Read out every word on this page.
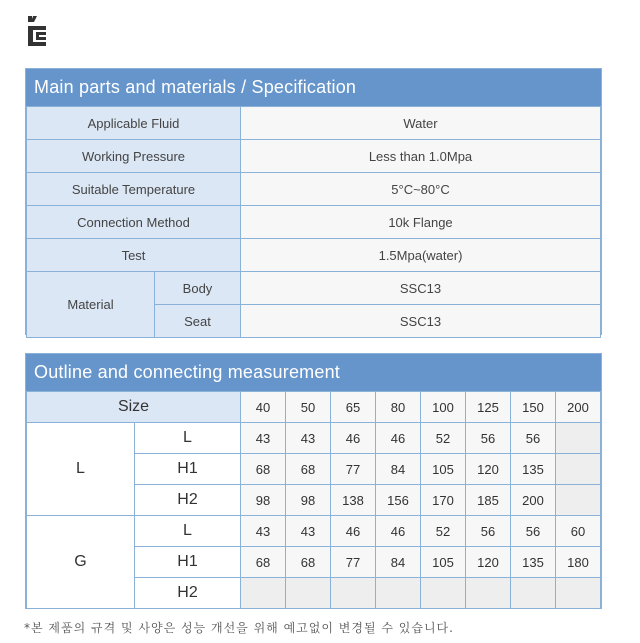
Main parts and materials / Specification
Applicable Fluid		Water
Working Pressure		Less than 1.0Mpa
Suitable Temperature		5°C~80°C
Connection Method		10k Flange
Test		1.5Mpa(water)
Material	Body	SSC13
	Seat	SSC13
Outline and connecting measurement
Size		40	50	65	80	100	125	150	200
L	L	43	43	46	46	52	56	56	
	H1	68	68	77	84	105	120	135	
	H2	98	98	138	156	170	185	200	
G	L	43	43	46	46	52	56	56	60
	H1	68	68	77	84	105	120	135	180
	H2								
*본 제품의 규격 및 사양은 성능 개선을 위해 예고없이 변경될 수 있습니다.
